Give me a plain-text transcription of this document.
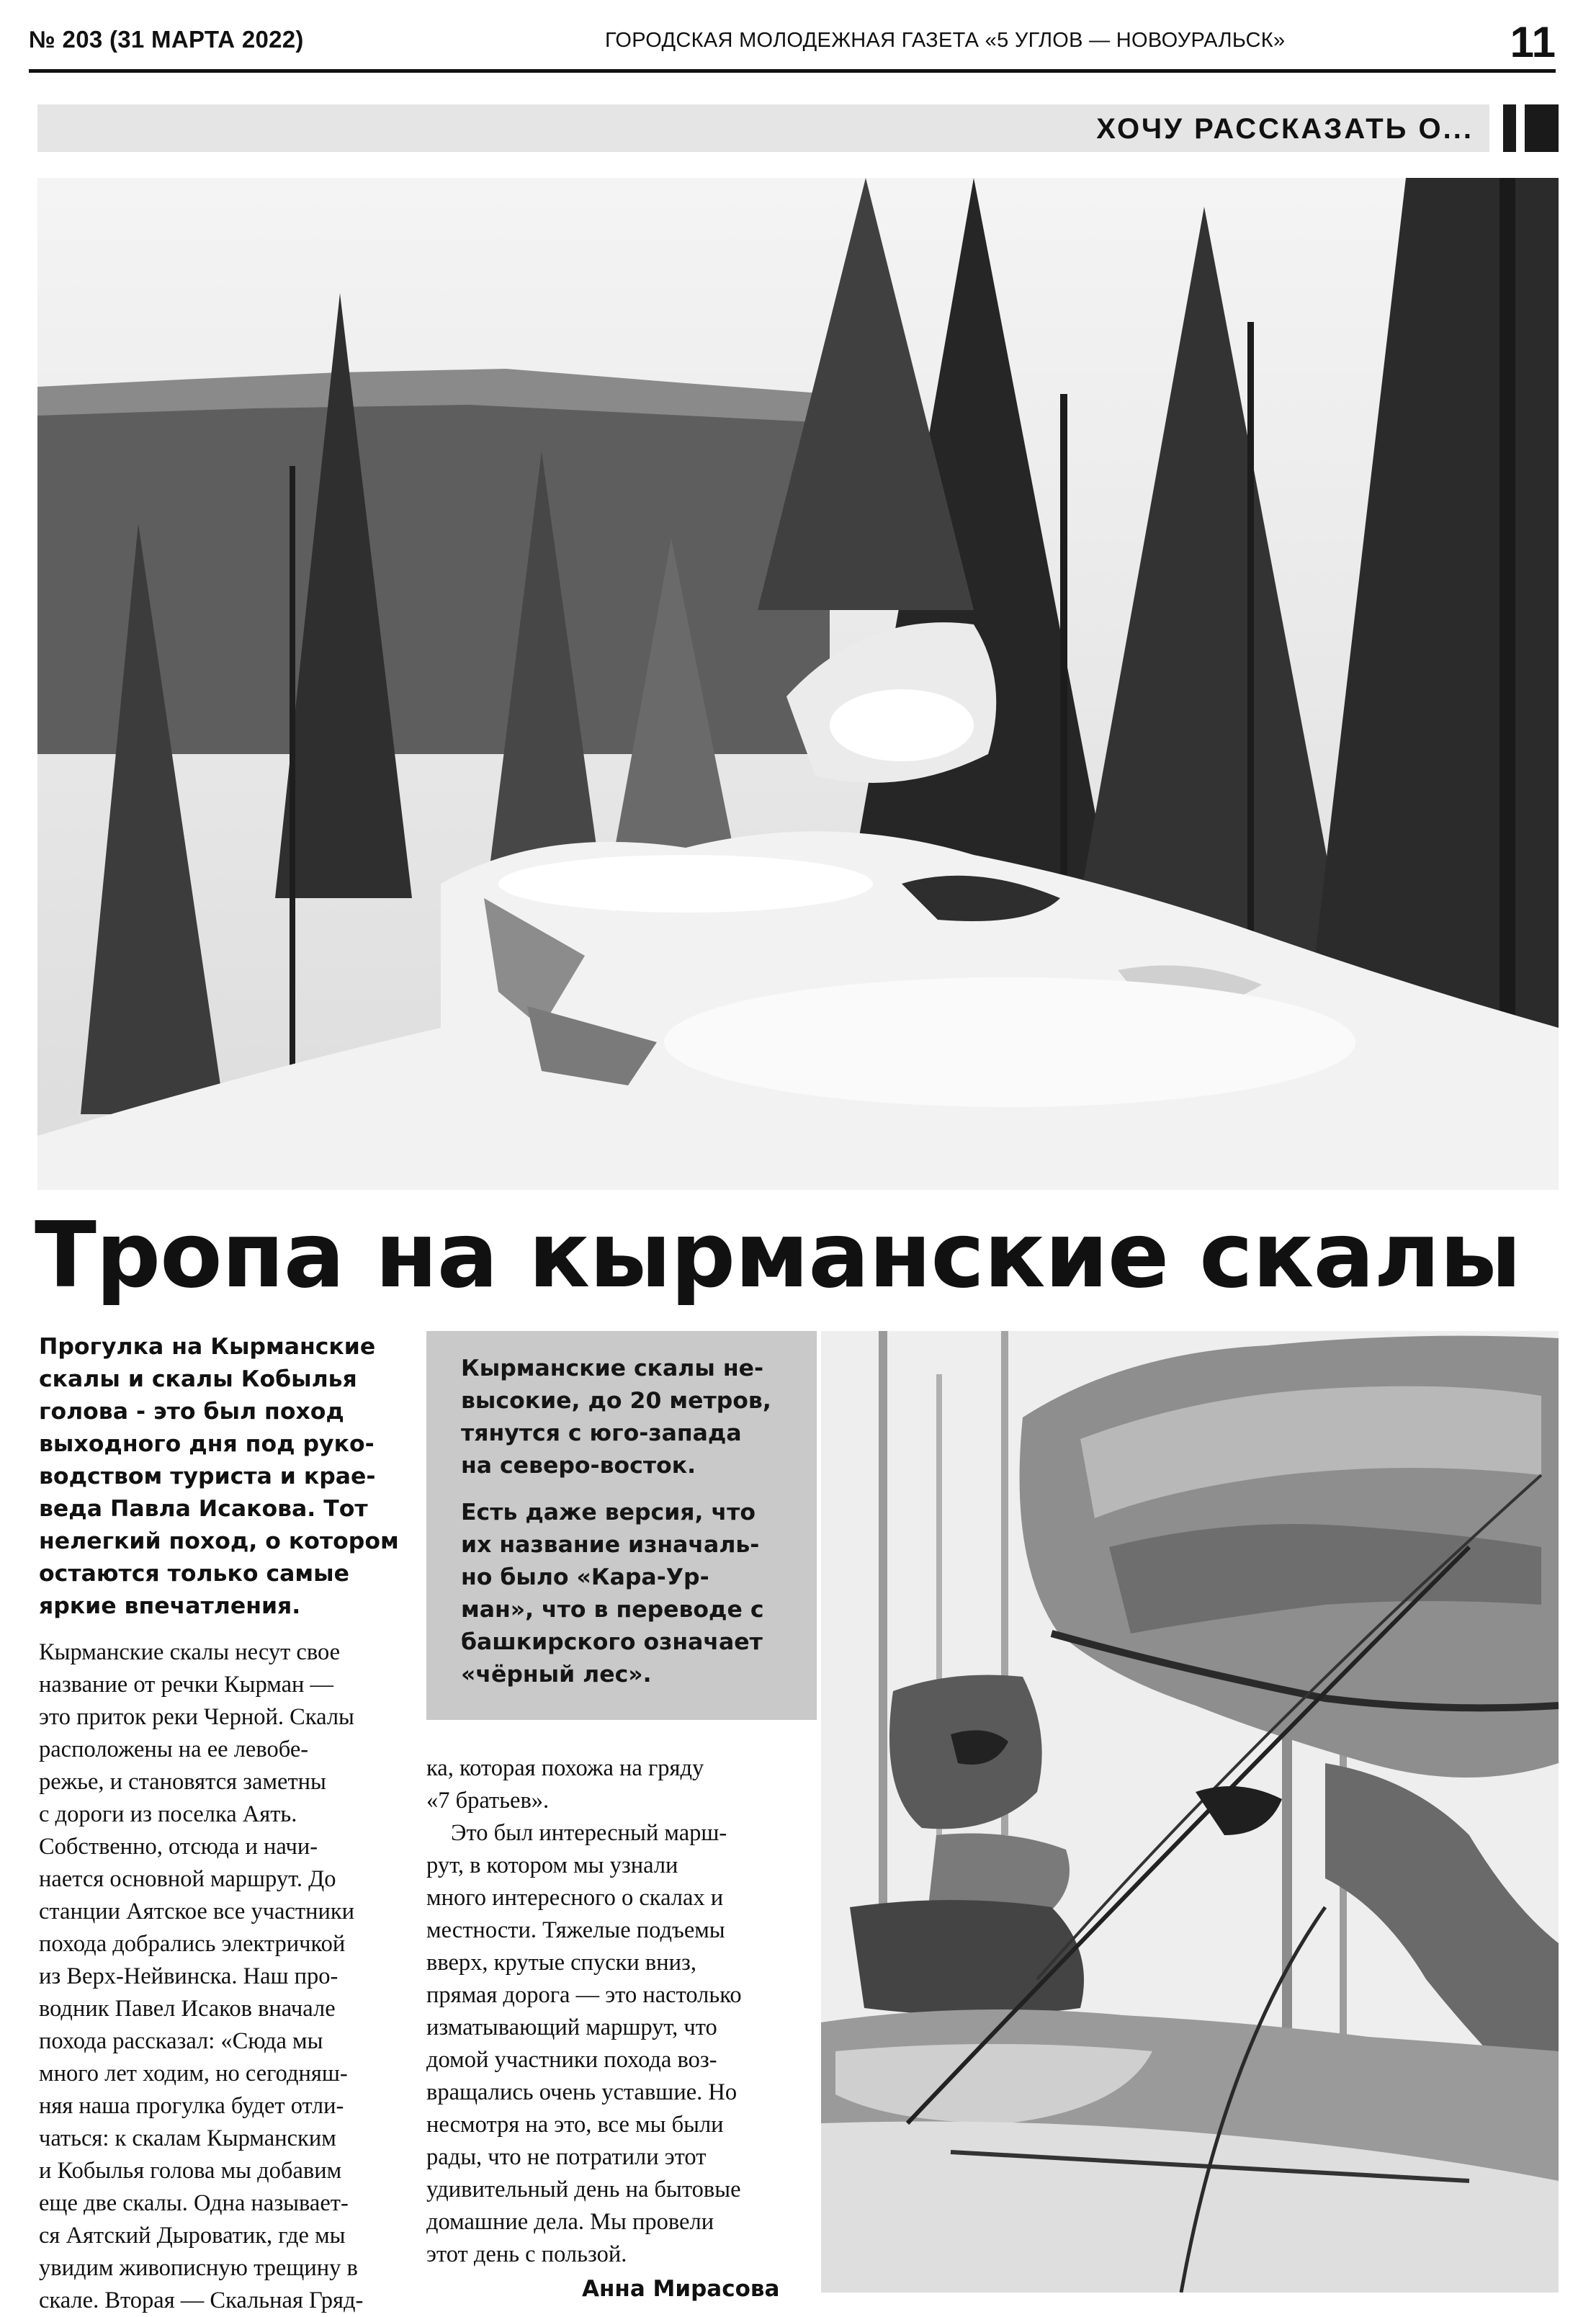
№ 203 (31 МАРТА 2022)	ГОРОДСКАЯ МОЛОДЕЖНАЯ ГАЗЕТА «5 УГЛОВ — НОВОУРАЛЬСК»	11
ХОЧУ РАССКАЗАТЬ О...
Тропа на кырманские скалы
Прогулка на Кырманские
скалы и скалы Кобылья
голова - это был поход
выходного дня под руко-
водством туриста и крае-
веда Павла Исакова. Тот
нелегкий поход, о котором
остаются только самые
яркие впечатления.
Кырманские скалы несут свое
название от речки Кырман —
это приток реки Черной. Скалы
расположены на ее левобе-
режье, и становятся заметны
с дороги из поселка Аять.
Собственно, отсюда и начи-
нается основной маршрут. До
станции Аятское все участники
похода добрались электричкой
из Верх-Нейвинска. Наш про-
водник Павел Исаков вначале
похода рассказал: «Сюда мы
много лет ходим, но сегодняш-
няя наша прогулка будет отли-
чаться: к скалам Кырманским
и Кобылья голова мы добавим
еще две скалы. Одна называет-
ся Аятский Дыроватик, где мы
увидим живописную трещину в
скале. Вторая — Скальная Гряд-
Кырманские скалы не-
высокие, до 20 метров,
тянутся с юго-запада
на северо-восток.
Есть даже версия, что
их название изначаль-
но было «Кара-Ур-
ман», что в переводе с
башкирского означает
«чёрный лес».
ка, которая похожа на гряду
«7 братьев».
Это был интересный марш-
рут, в котором мы узнали
много интересного о скалах и
местности. Тяжелые подъемы
вверх, крутые спуски вниз,
прямая дорога — это настолько
изматывающий маршрут, что
домой участники похода воз-
вращались очень уставшие. Но
несмотря на это, все мы были
рады, что не потратили этот
удивительный день на бытовые
домашние дела. Мы провели
этот день с пользой.
Анна Мирасова
